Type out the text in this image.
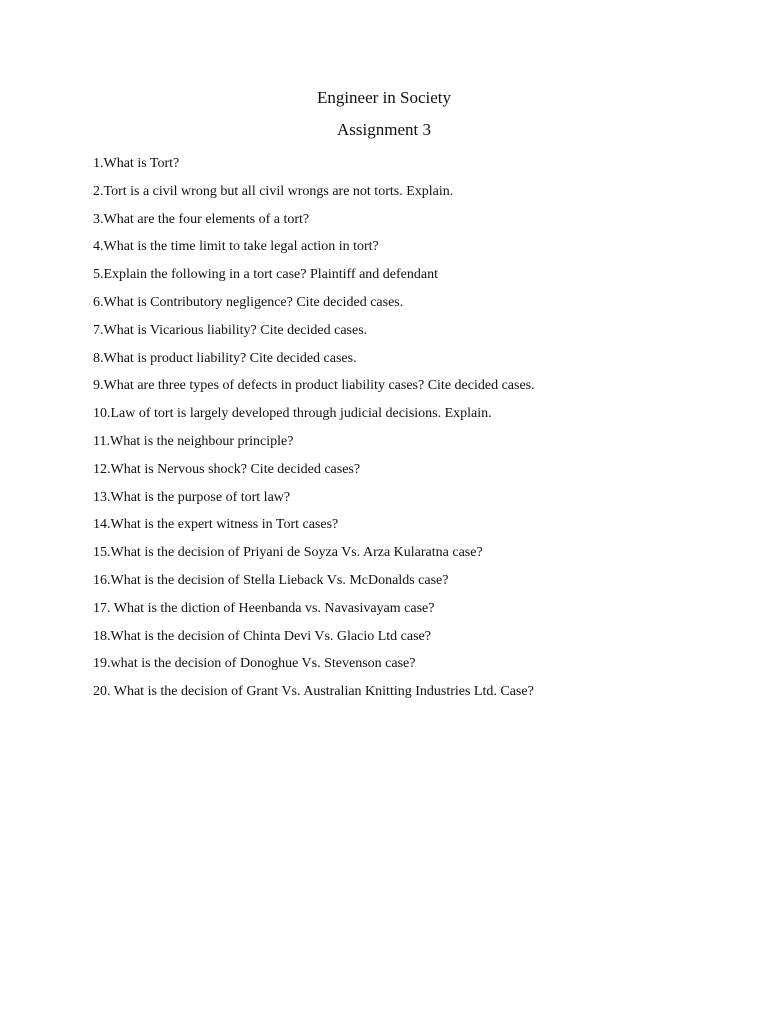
Engineer in Society
Assignment 3
1.What is Tort?
2.Tort is a civil wrong but all civil wrongs are not torts. Explain.
3.What are the four elements of a tort?
4.What is the time limit to take legal action in tort?
5.Explain the following in a tort case? Plaintiff and defendant
6.What is Contributory negligence? Cite decided cases.
7.What is Vicarious liability? Cite decided cases.
8.What is product liability? Cite decided cases.
9.What are three types of defects in product liability cases? Cite decided cases.
10.Law of tort is largely developed through judicial decisions. Explain.
11.What is the neighbour principle?
12.What is Nervous shock? Cite decided cases?
13.What is the purpose of tort law?
14.What is the expert witness in Tort cases?
15.What is the decision of Priyani de Soyza Vs. Arza Kularatna case?
16.What is the decision of Stella Lieback Vs. McDonalds case?
17. What is the diction of Heenbanda vs. Navasivayam case?
18.What is the decision of Chinta Devi Vs. Glacio Ltd case?
19.what is the decision of Donoghue Vs. Stevenson case?
20. What is the decision of Grant Vs. Australian Knitting Industries Ltd. Case?
